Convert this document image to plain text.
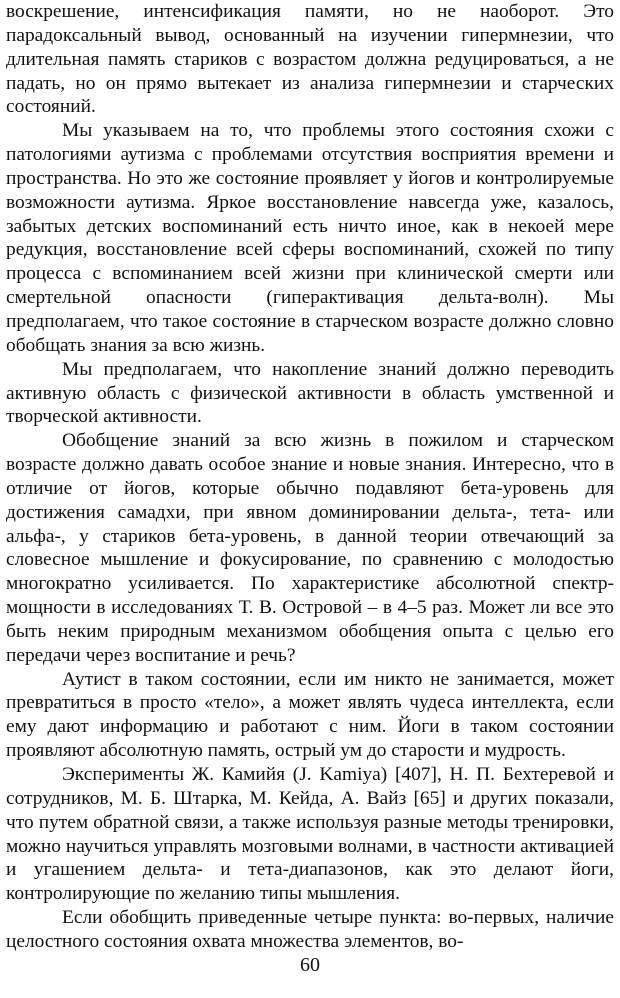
воскрешение, интенсификация памяти, но не наоборот. Это парадоксальный вывод, основанный на изучении гипермнезии, что длительная память стариков с возрастом должна редуцироваться, а не падать, но он прямо вытекает из анализа гипермнезии и старческих состояний.

Мы указываем на то, что проблемы этого состояния схожи с патологиями аутизма с проблемами отсутствия восприятия времени и пространства. Но это же состояние проявляет у йогов и контролируемые возможности аутизма. Яркое восстановление навсегда уже, казалось, забытых детских воспоминаний есть ничто иное, как в некоей мере редукция, восстановление всей сферы воспоминаний, схожей по типу процесса с вспоминанием всей жизни при клинической смерти или смертельной опасности (гиперактивация дельта-волн). Мы предполагаем, что такое состояние в старческом возрасте должно словно обобщать знания за всю жизнь.

Мы предполагаем, что накопление знаний должно переводить активную область с физической активности в область умственной и творческой активности.

Обобщение знаний за всю жизнь в пожилом и старческом возрасте должно давать особое знание и новые знания. Интересно, что в отличие от йогов, которые обычно подавляют бета-уровень для достижения самадхи, при явном доминировании дельта-, тета- или альфа-, у стариков бета-уровень, в данной теории отвечающий за словесное мышление и фокусирование, по сравнению с молодостью многократно усиливается. По характеристике абсолютной спектр-мощности в исследованиях Т. В. Островой – в 4–5 раз. Может ли все это быть неким природным механизмом обобщения опыта с целью его передачи через воспитание и речь?

Аутист в таком состоянии, если им никто не занимается, может превратиться в просто «тело», а может являть чудеса интеллекта, если ему дают информацию и работают с ним. Йоги в таком состоянии проявляют абсолютную память, острый ум до старости и мудрость.

Эксперименты Ж. Камийя (J. Kamiya) [407], Н. П. Бехтеревой и сотрудников, М. Б. Штарка, М. Кейда, А. Вайз [65] и других показали, что путем обратной связи, а также используя разные методы тренировки, можно научиться управлять мозговыми волнами, в частности активацией и угашением дельта- и тета-диапазонов, как это делают йоги, контролирующие по желанию типы мышления.

Если обобщить приведенные четыре пункта: во-первых, наличие целостного состояния охвата множества элементов, во-

60
